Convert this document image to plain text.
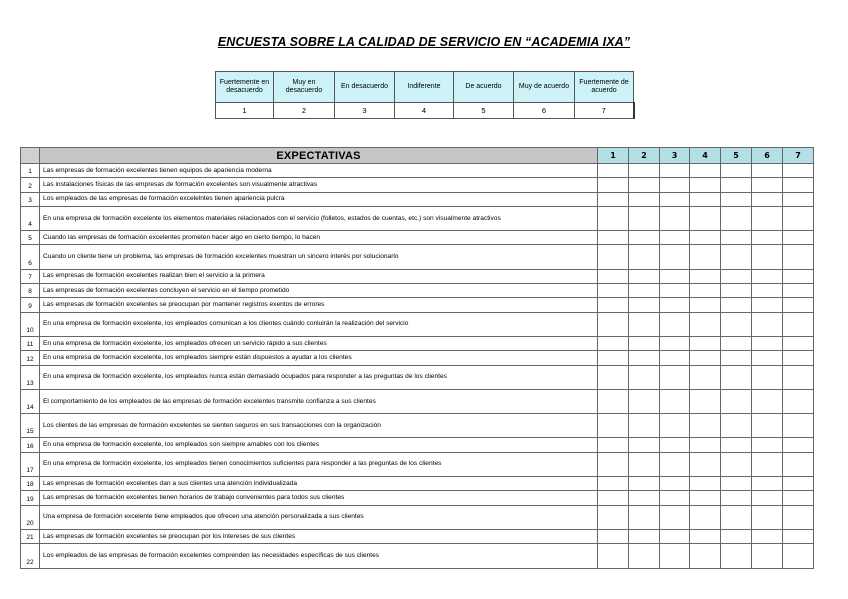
ENCUESTA SOBRE LA CALIDAD DE SERVICIO EN “ACADEMIA IXA”
Fuertemente en desacuerdo	Muy en desacuerdo	En desacuerdo	Indiferente	De acuerdo	Muy de acuerdo	Fuertemente de acuerdo
1	2	3	4	5	6	7
	EXPECTATIVAS	1	2	3	4	5	6	7
1	Las empresas de formación excelentes tienen equipos de apariencia moderna							
2	Las instalaciones físicas de las empresas de formación excelentes son visualmente atractivas							
3	Los empleados de las empresas de formación excelelntes tienen apariencia pulcra							
4	En una empresa de formación excelente los elementos materiales relacionados con el servicio (folletos, estados de cuentas, etc.) son visualmente atractivos							
5	Cuando las empresas de formación excelentes prometen hacer algo en cierto tiempo, lo hacen							
6	Cuando un cliente tiene un problema, las empresas de formación excelentes muestran un sincero interés por solucionarlo							
7	Las empresas de formación excelentes realizan bien el servicio a la primera							
8	Las empresas de formación excelentes concluyen el servicio en el tiempo prometido							
9	Las empresas de formación excelentes se preocupan por mantener registros exentos de errores							
10	En una empresa de formación excelente, los empleados comunican a los clientes cuándo conluirán la realización del servicio							
11	En una empresa de formación excelente, los empleados ofrecen un servicio rápido a sus clientes							
12	En una empresa de formación excelente, los empleados siempre están dispuestos a ayudar a los clientes							
13	En una empresa de formación excelente, los empleados nunca están demasiado ocupados para responder a las preguntas de los clientes							
14	El comportamiento de los empleados de las empresas de formación excelentes transmite confianza a sus clientes							
15	Los clientes de las empresas de formación excelentes se sienten seguros en sus transacciones con la organización							
16	En una empresa de formación excelente, los empleados son siempre amables con los clientes							
17	En una empresa de formación excelente, los empleados tienen conocimientos suficientes para responder a las preguntas de los clientes							
18	Las empresas de formación excelentes dan a sus clientes una atención individualizada							
19	Las empresas de formación excelentes tienen horarios de trabajo convenientes para todos sus clientes							
20	Una empresa de formación excelente tiene empleados que ofrecen una atención personalizada a sus clientes							
21	Las empresas de formación excelentes se preocupan por los intereses de sus clientes							
22	Los empleados de las empresas de formación excelentes comprenden las necesidades específicas de sus clientes							
